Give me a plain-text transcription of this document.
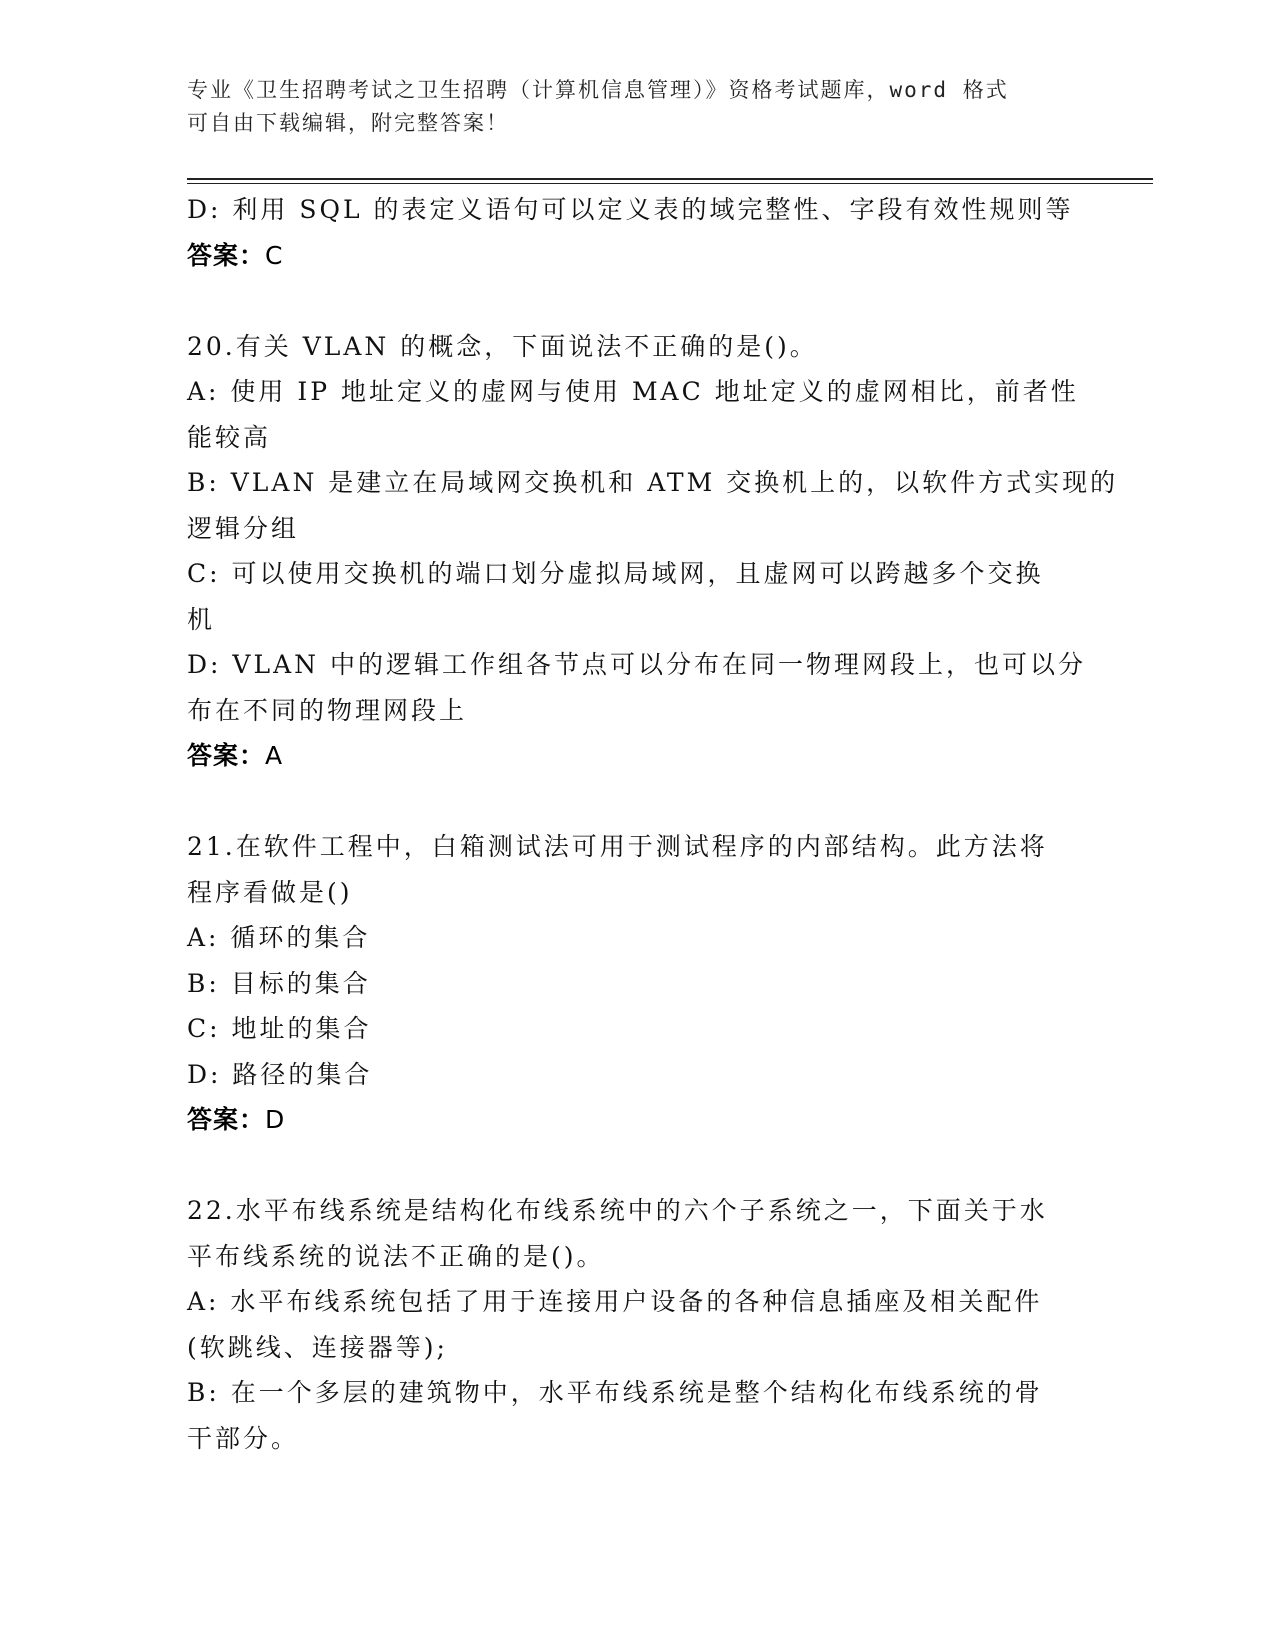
专业《卫生招聘考试之卫生招聘（计算机信息管理）》资格考试题库，word 格式
可自由下载编辑，附完整答案！
D: 利用 SQL 的表定义语句可以定义表的域完整性、字段有效性规则等
答案：C
20.有关 VLAN 的概念，下面说法不正确的是()。
A: 使用 IP 地址定义的虚网与使用 MAC 地址定义的虚网相比，前者性
能较高
B: VLAN 是建立在局域网交换机和 ATM 交换机上的，以软件方式实现的
逻辑分组
C: 可以使用交换机的端口划分虚拟局域网，且虚网可以跨越多个交换
机
D: VLAN 中的逻辑工作组各节点可以分布在同一物理网段上，也可以分
布在不同的物理网段上
答案：A
21.在软件工程中，白箱测试法可用于测试程序的内部结构。此方法将
程序看做是()
A: 循环的集合
B: 目标的集合
C: 地址的集合
D: 路径的集合
答案：D
22.水平布线系统是结构化布线系统中的六个子系统之一，下面关于水
平布线系统的说法不正确的是()。
A: 水平布线系统包括了用于连接用户设备的各种信息插座及相关配件
(软跳线、连接器等);
B: 在一个多层的建筑物中，水平布线系统是整个结构化布线系统的骨
干部分。
